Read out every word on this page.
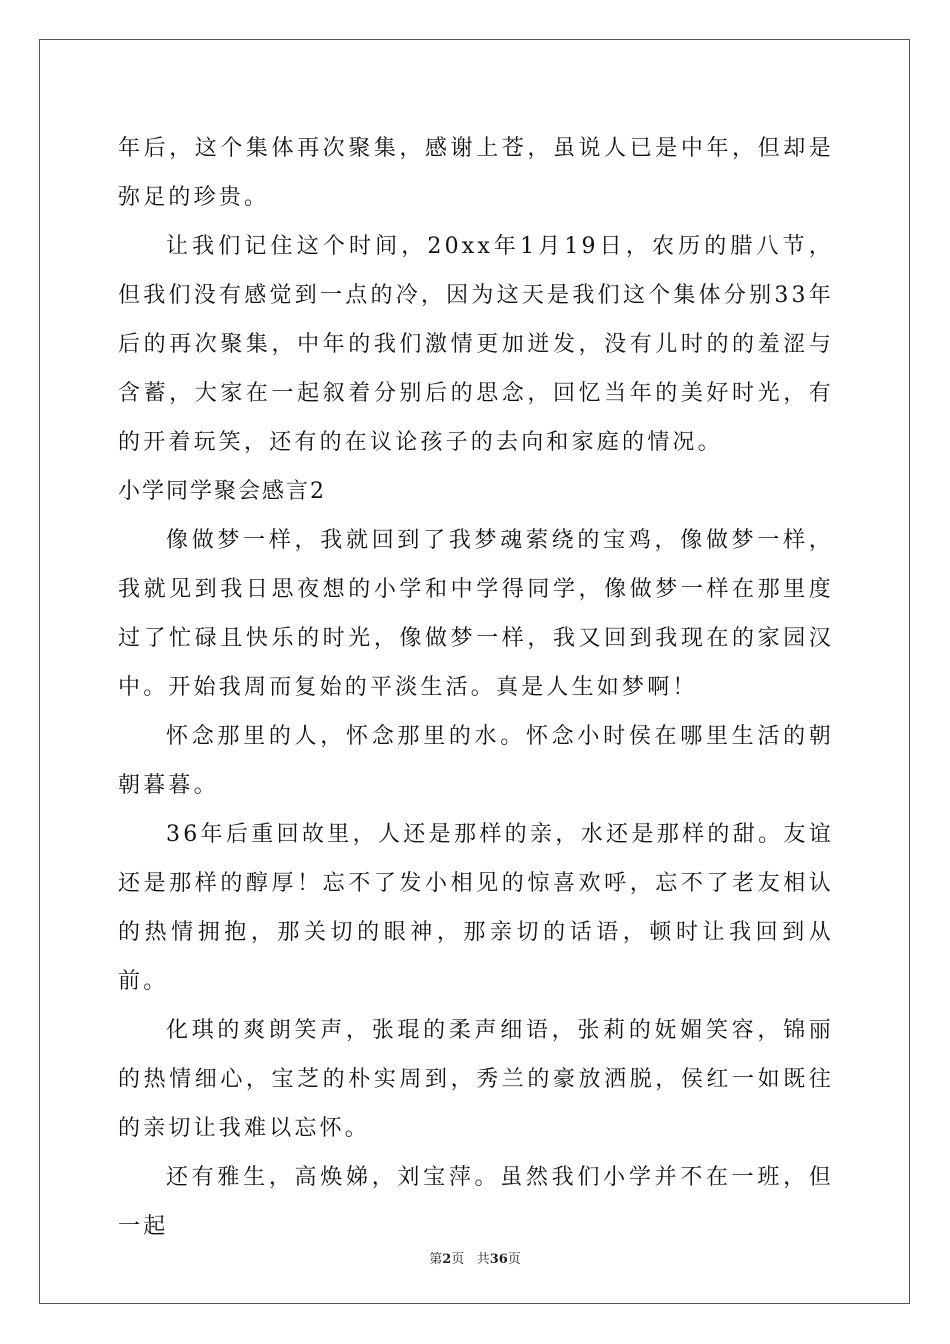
年后，这个集体再次聚集，感谢上苍，虽说人已是中年，但却是弥足的珍贵。

让我们记住这个时间，20xx年1月19日，农历的腊八节，但我们没有感觉到一点的冷，因为这天是我们这个集体分别33年后的再次聚集，中年的我们激情更加迸发，没有儿时的的羞涩与含蓄，大家在一起叙着分别后的思念，回忆当年的美好时光，有的开着玩笑，还有的在议论孩子的去向和家庭的情况。

小学同学聚会感言2

像做梦一样，我就回到了我梦魂萦绕的宝鸡，像做梦一样，我就见到我日思夜想的小学和中学得同学，像做梦一样在那里度过了忙碌且快乐的时光，像做梦一样，我又回到我现在的家园汉中。开始我周而复始的平淡生活。真是人生如梦啊！

怀念那里的人，怀念那里的水。怀念小时侯在哪里生活的朝朝暮暮。

36年后重回故里，人还是那样的亲，水还是那样的甜。友谊还是那样的醇厚！忘不了发小相见的惊喜欢呼，忘不了老友相认的热情拥抱，那关切的眼神，那亲切的话语，顿时让我回到从前。

化琪的爽朗笑声，张琨的柔声细语，张莉的妩媚笑容，锦丽的热情细心，宝芝的朴实周到，秀兰的豪放洒脱，侯红一如既往的亲切让我难以忘怀。

还有雅生，高焕娣，刘宝萍。虽然我们小学并不在一班，但一起

第2页 共36页
